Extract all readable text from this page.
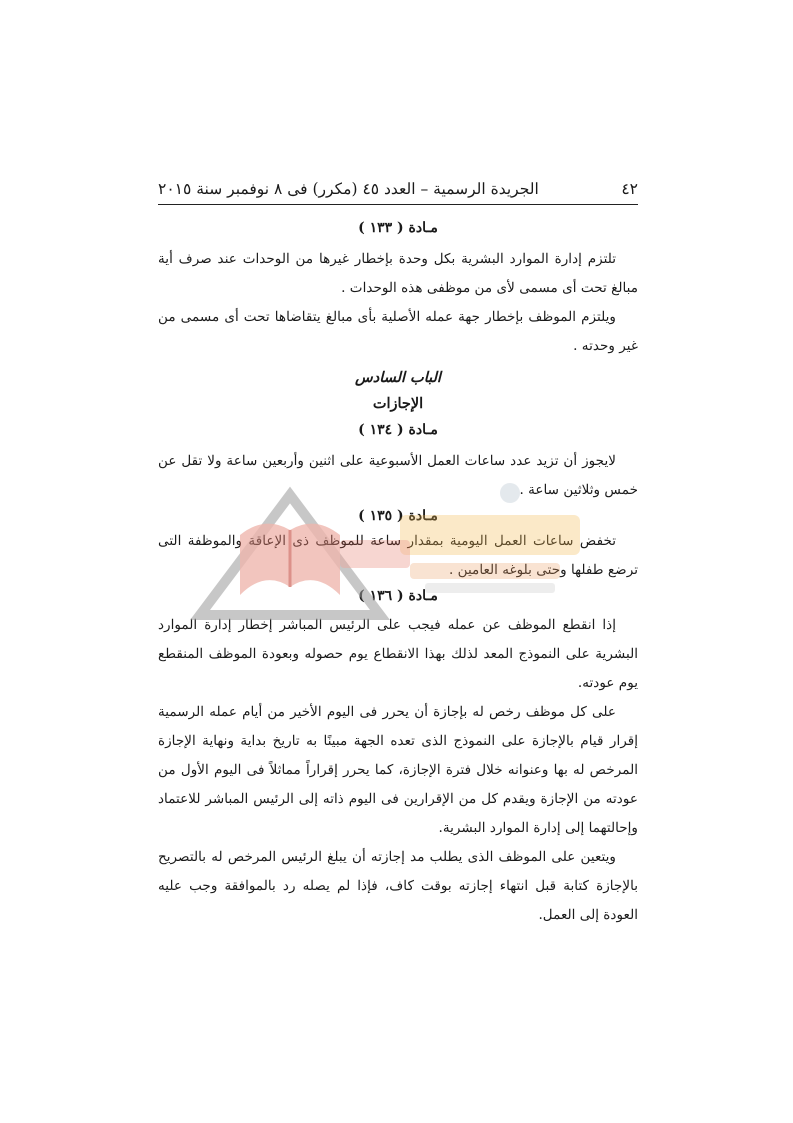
٤٢
الجريدة الرسمية – العدد ٤٥ (مكرر) فى ٨ نوفمبر سنة ٢٠١٥

مـادة ( ١٣٣ )

تلتزم إدارة الموارد البشرية بكل وحدة بإخطار غيرها من الوحدات عند صرف أية مبالغ تحت أى مسمى لأى من موظفى هذه الوحدات .

ويلتزم الموظف بإخطار جهة عمله الأصلية بأى مبالغ يتقاضاها تحت أى مسمى من غير وحدته .

الباب السادس

الإجازات

مـادة ( ١٣٤ )

لايجوز أن تزيد عدد ساعات العمل الأسبوعية على اثنين وأربعين ساعة ولا تقل عن خمس وثلاثين ساعة .

مـادة ( ١٣٥ )

تخفض ساعات العمل اليومية بمقدار ساعة للموظف ذى الإعاقة والموظفة التى ترضع طفلها وحتى بلوغه العامين .

مـادة ( ١٣٦ )

إذا انقطع الموظف عن عمله فيجب على الرئيس المباشر إخطار إدارة الموارد البشرية على النموذج المعد لذلك بهذا الانقطاع يوم حصوله وبعودة الموظف المنقطع يوم عودته.

على كل موظف رخص له بإجازة أن يحرر فى اليوم الأخير من أيام عمله الرسمية إقرار قيام بالإجازة على النموذج الذى تعده الجهة مبينًا به تاريخ بداية ونهاية الإجازة المرخص له بها وعنوانه خلال فترة الإجازة، كما يحرر إقراراً مماثلاً فى اليوم الأول من عودته من الإجازة ويقدم كل من الإقرارين فى اليوم ذاته إلى الرئيس المباشر للاعتماد وإحالتهما إلى إدارة الموارد البشرية.

ويتعين على الموظف الذى يطلب مد إجازته أن يبلغ الرئيس المرخص له بالتصريح بالإجازة كتابة قبل انتهاء إجازته بوقت كاف، فإذا لم يصله رد بالموافقة وجب عليه العودة إلى العمل.
